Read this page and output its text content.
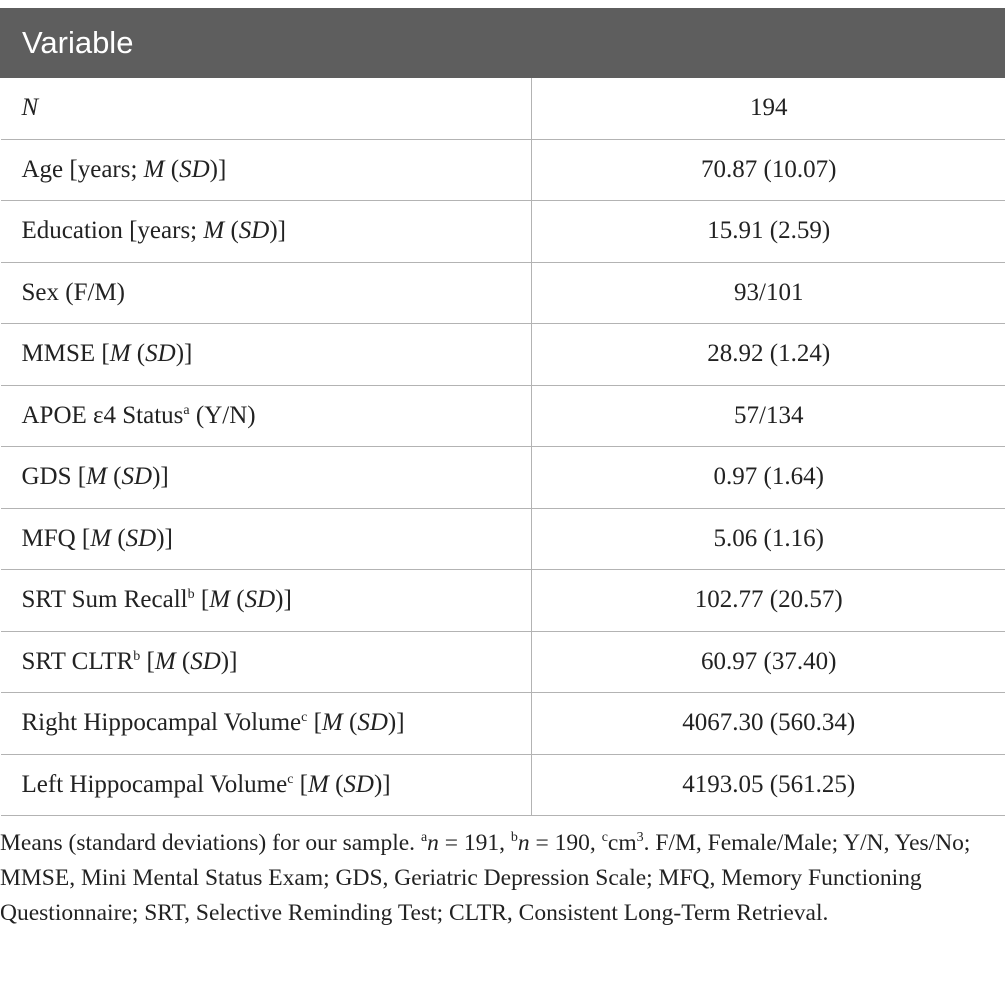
Variable	
N	194
Age [years; M (SD)]	70.87 (10.07)
Education [years; M (SD)]	15.91 (2.59)
Sex (F/M)	93/101
MMSE [M (SD)]	28.92 (1.24)
APOE ε4 Status$^a$ (Y/N)	57/134
GDS [M (SD)]	0.97 (1.64)
MFQ [M (SD)]	5.06 (1.16)
SRT Sum Recall$^b$ [M (SD)]	102.77 (20.57)
SRT CLTR$^b$ [M (SD)]	60.97 (37.40)
Right Hippocampal Volume$^c$ [M (SD)]	4067.30 (560.34)
Left Hippocampal Volume$^c$ [M (SD)]	4193.05 (561.25)

Means (standard deviations) for our sample. $^a$n = 191, $^b$n = 190, $^ccm^3$. F/M, Female/Male; Y/N, Yes/No; MMSE, Mini Mental Status Exam; GDS, Geriatric Depression Scale; MFQ, Memory Functioning Questionnaire; SRT, Selective Reminding Test; CLTR, Consistent Long-Term Retrieval.
